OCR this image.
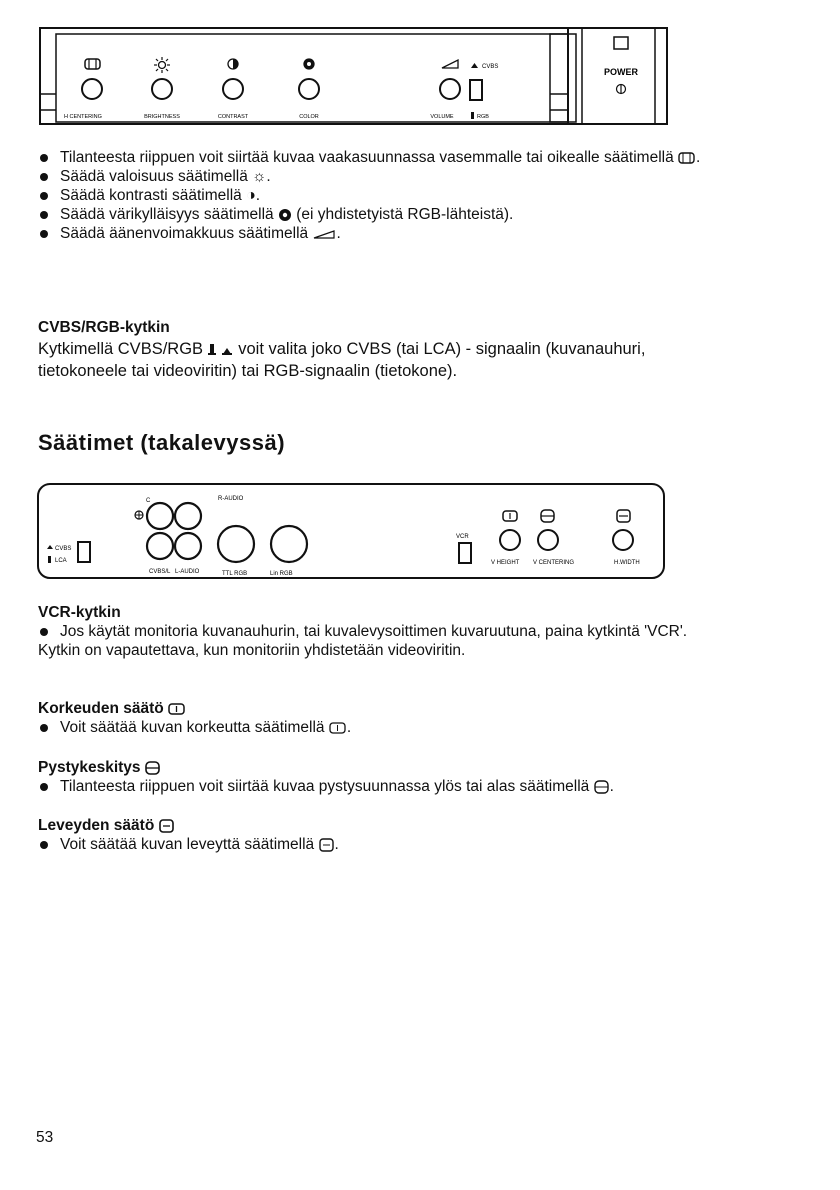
POWER
CVBS
H CENTERING	BRIGHTNESS	CONTRAST	COLOR	VOLUME	RGB
Tilanteesta riippuen voit siirtää kuvaa vaakasuunnassa vasemmalle tai oikealle säätimellä .
Säädä valoisuus säätimellä ☼.
Säädä kontrasti säätimellä ◑.
Säädä värikylläisyys säätimellä (ei yhdistetyistä RGB-lähteistä).
Säädä äänenvoimakkuus säätimellä .
CVBS/RGB-kytkin
Kytkimellä CVBS/RGB voit valita joko CVBS (tai LCA) - signaalin (kuvanauhuri,
tietokoneele tai videoviritin) tai RGB-signaalin (tietokone).
Säätimet (takalevyssä)
CVBS
LCA
C	R-AUDIO
CVBS/L L-AUDIO	TTL RGB	Lin RGB
VCR
V HEIGHT V CENTERING	H.WIDTH
VCR-kytkin
Jos käytät monitoria kuvanauhurin, tai kuvalevysoittimen kuvaruutuna, paina kytkintä 'VCR'.
Kytkin on vapautettava, kun monitoriin yhdistetään videoviritin.
Korkeuden säätö
Voit säätää kuvan korkeutta säätimellä .
Pystykeskitys
Tilanteesta riippuen voit siirtää kuvaa pystysuunnassa ylös tai alas säätimellä .
Leveyden säätö
Voit säätää kuvan leveyttä säätimellä .
53
